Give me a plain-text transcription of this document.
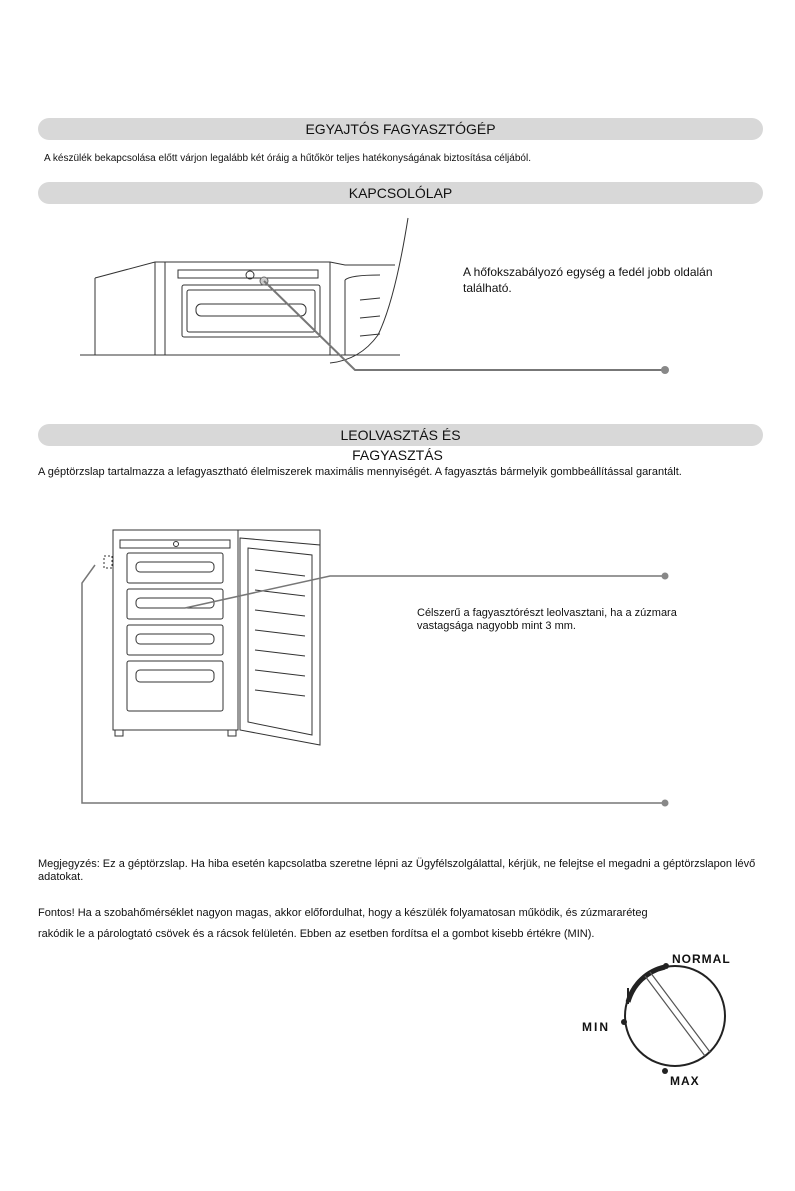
EGYAJTÓS FAGYASZTÓGÉP
A készülék bekapcsolása előtt várjon legalább két óráig a hűtőkör teljes hatékonyságának biztosítása céljából.
KAPCSOLÓLAP
A hőfokszabályozó egység a fedél jobb oldalán található.
LEOLVASZTÁS ÉS
FAGYASZTÁS
A géptörzslap tartalmazza a lefagyasztható élelmiszerek maximális mennyiségét. A fagyasztás bármelyik gombbeállítással garantált.
Célszerű a fagyasztórészt leolvasztani, ha a zúzmara vastagsága nagyobb mint 3 mm.
Megjegyzés: Ez a géptörzslap. Ha hiba esetén kapcsolatba szeretne lépni az Ügyfélszolgálattal, kérjük, ne felejtse el megadni a géptörzslapon lévő adatokat.
Fontos! Ha a szobahőmérséklet nagyon magas, akkor előfordulhat, hogy a készülék folyamatosan működik, és zúzmararéteg
rakódik le a párologtató csövek és a rácsok felületén. Ebben az esetben fordítsa el a gombot kisebb értékre (MIN).
NORMAL
MIN
MAX
